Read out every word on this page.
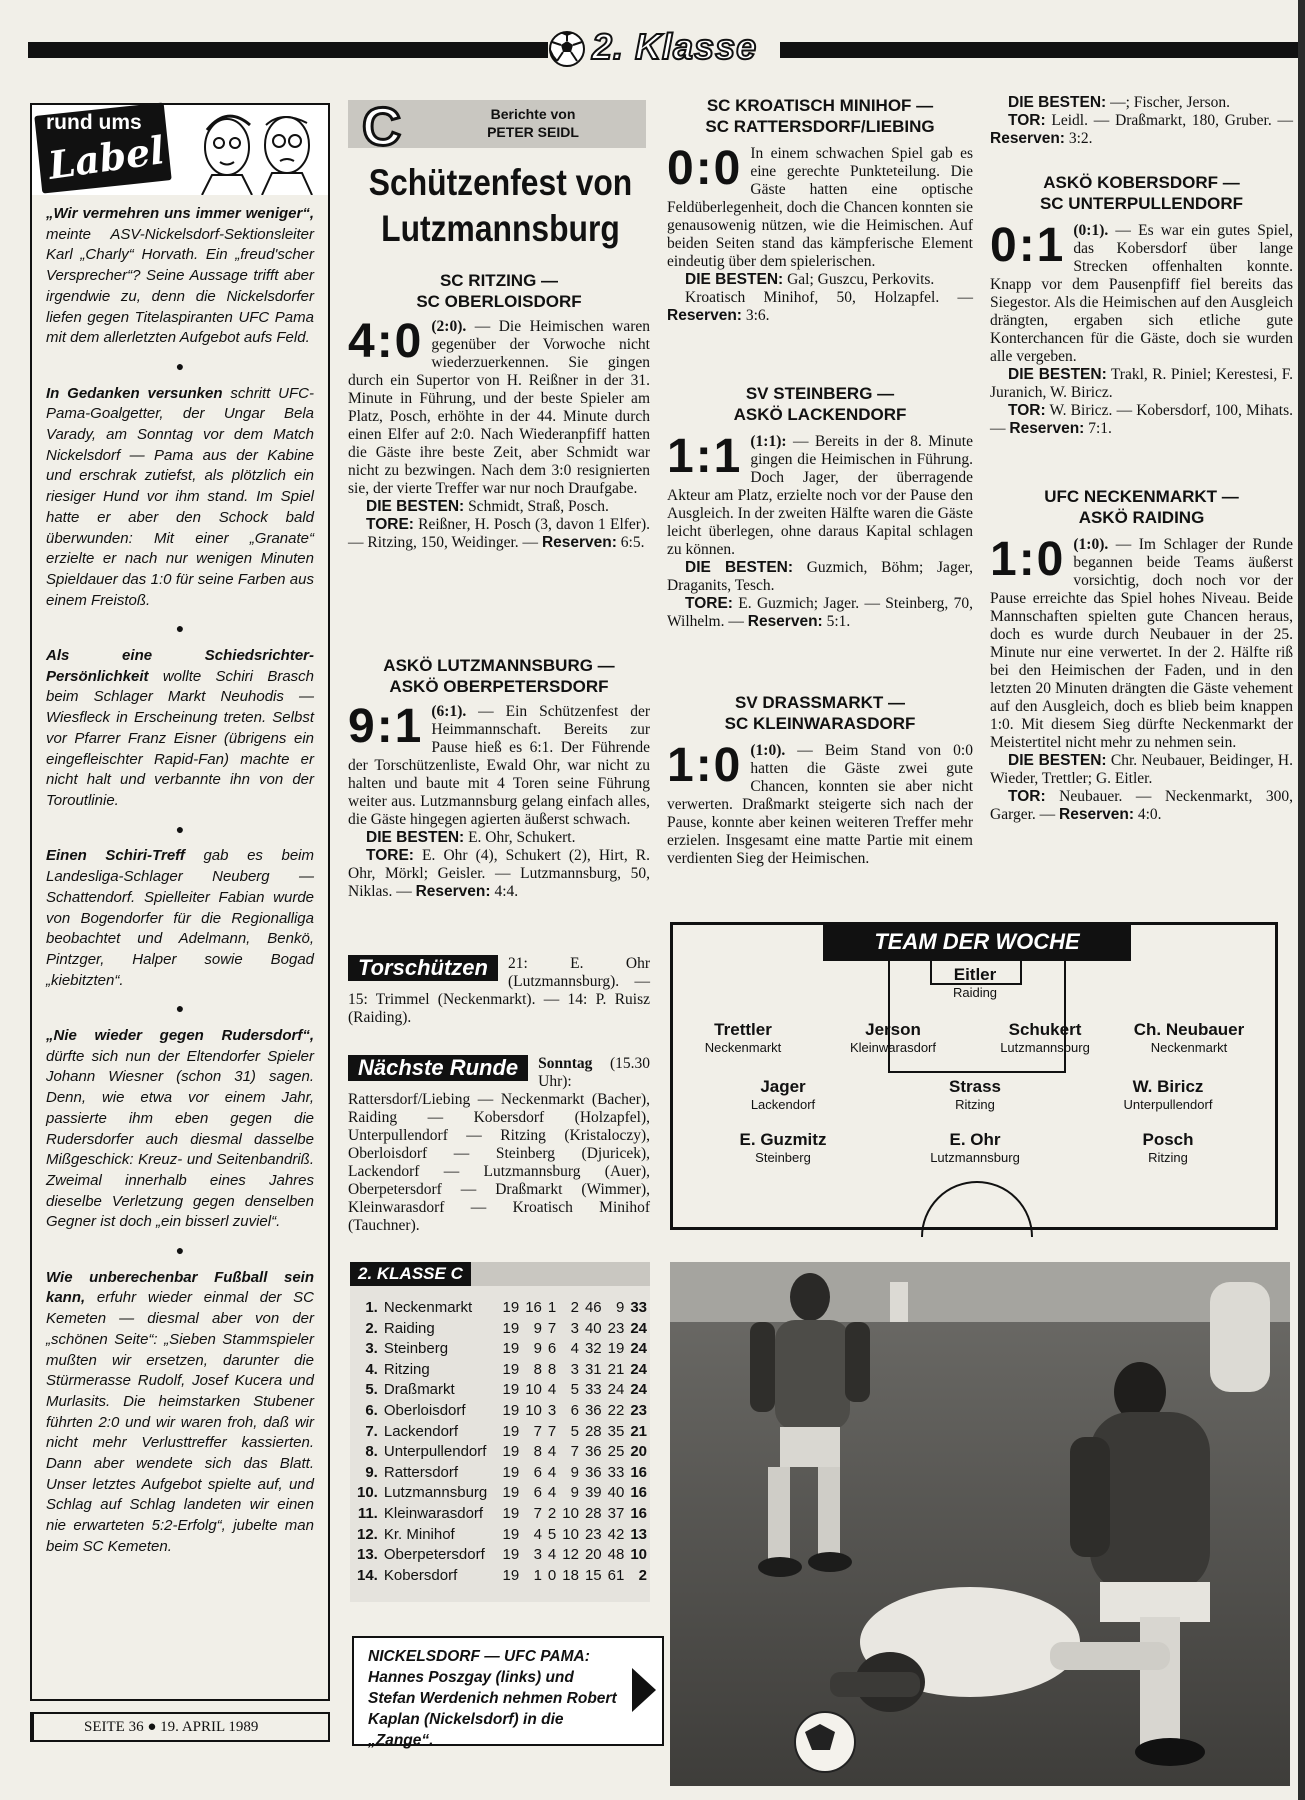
2. Klasse
rund ums
Label

„Wir vermehren uns immer weniger“, meinte ASV-Nickelsdorf-Sektionsleiter Karl „Charly“ Horvath. Ein „freud'scher Versprecher“? Seine Aussage trifft aber irgendwie zu, denn die Nickelsdorfer liefen gegen Titelaspiranten UFC Pama mit dem allerletzten Aufgebot aufs Feld.

●

In Gedanken versunken schritt UFC-Pama-Goalgetter, der Ungar Bela Varady, am Sonntag vor dem Match Nickelsdorf — Pama aus der Kabine und erschrak zutiefst, als plötzlich ein riesiger Hund vor ihm stand. Im Spiel hatte er aber den Schock bald überwunden: Mit einer „Granate“ erzielte er nach nur wenigen Minuten Spieldauer das 1:0 für seine Farben aus einem Freistoß.

●

Als eine Schiedsrichter-Persönlichkeit wollte Schiri Brasch beim Schlager Markt Neuhodis — Wiesfleck in Erscheinung treten. Selbst vor Pfarrer Franz Eisner (übrigens ein eingefleischter Rapid-Fan) machte er nicht halt und verbannte ihn von der Toroutlinie.

●

Einen Schiri-Treff gab es beim Landesliga-Schlager Neuberg — Schattendorf. Spielleiter Fabian wurde von Bogendorfer für die Regionalliga beobachtet und Adelmann, Benkö, Pintzger, Halper sowie Bogad „kiebitzten“.

●

„Nie wieder gegen Rudersdorf“, dürfte sich nun der Eltendorfer Spieler Johann Wiesner (schon 31) sagen. Denn, wie etwa vor einem Jahr, passierte ihm eben gegen die Rudersdorfer auch diesmal dasselbe Mißgeschick: Kreuz- und Seitenbandriß. Zweimal innerhalb eines Jahres dieselbe Verletzung gegen denselben Gegner ist doch „ein bisserl zuviel“.

●

Wie unberechenbar Fußball sein kann, erfuhr wieder einmal der SC Kemeten — diesmal aber von der „schönen Seite“: „Sieben Stammspieler mußten wir ersetzen, darunter die Stürmerasse Rudolf, Josef Kucera und Murlasits. Die heimstarken Stubener führten 2:0 und wir waren froh, daß wir nicht mehr Verlusttreffer kassierten. Dann aber wendete sich das Blatt. Unser letztes Aufgebot spielte auf, und Schlag auf Schlag landeten wir einen nie erwarteten 5:2-Erfolg“, jubelte man beim SC Kemeten.

SEITE 36 ● 19. APRIL 1989
C	Berichte von
PETER SEIDL
Schützenfest von Lutzmannsburg
SC RITZING —
SC OBERLOISDORF
4:0 (2:0). — Die Heimischen waren gegenüber der Vorwoche nicht wiederzuerkennen. Sie gingen durch ein Supertor von H. Reißner in der 31. Minute in Führung, und der beste Spieler am Platz, Posch, erhöhte in der 44. Minute durch einen Elfer auf 2:0. Nach Wiederanpfiff hatten die Gäste ihre beste Zeit, aber Schmidt war nicht zu bezwingen. Nach dem 3:0 resignierten sie, der vierte Treffer war nur noch Draufgabe.

DIE BESTEN: Schmidt, Straß, Posch.

TORE: Reißner, H. Posch (3, davon 1 Elfer). — Ritzing, 150, Weidinger. — Reserven: 6:5.

ASKÖ LUTZMANNSBURG —
ASKÖ OBERPETERSDORF
9:1 (6:1). — Ein Schützenfest der Heimmannschaft. Bereits zur Pause hieß es 6:1. Der Führende der Torschützenliste, Ewald Ohr, war nicht zu halten und baute mit 4 Toren seine Führung weiter aus. Lutzmannsburg gelang einfach alles, die Gäste hingegen agierten äußerst schwach.

DIE BESTEN: E. Ohr, Schukert.

TORE: E. Ohr (4), Schukert (2), Hirt, R. Ohr, Mörkl; Geisler. — Lutzmannsburg, 50, Niklas. — Reserven: 4:4.

Torschützen	21: E. Ohr (Lutzmannsburg). — 15: Trimmel (Neckenmarkt). — 14: P. Ruisz (Raiding).
Nächste Runde	Sonntag (15.30 Uhr): Rattersdorf/Liebing — Neckenmarkt (Bacher), Raiding — Kobersdorf (Holzapfel), Unterpullendorf — Ritzing (Kristaloczy), Oberloisdorf — Steinberg (Djuricek), Lackendorf — Lutzmannsburg (Auer), Oberpetersdorf — Draßmarkt (Wimmer), Kleinwarasdorf — Kroatisch Minihof (Tauchner).
2. KLASSE C
1.	Neckenmarkt	19	16	1	2	46	9	33
2.	Raiding	19	9	7	3	40	23	24
3.	Steinberg	19	9	6	4	32	19	24
4.	Ritzing	19	8	8	3	31	21	24
5.	Draßmarkt	19	10	4	5	33	24	24
6.	Oberloisdorf	19	10	3	6	36	22	23
7.	Lackendorf	19	7	7	5	28	35	21
8.	Unterpullendorf	19	8	4	7	36	25	20
9.	Rattersdorf	19	6	4	9	36	33	16
10.	Lutzmannsburg	19	6	4	9	39	40	16
11.	Kleinwarasdorf	19	7	2	10	28	37	16
12.	Kr. Minihof	19	4	5	10	23	42	13
13.	Oberpetersdorf	19	3	4	12	20	48	10
14.	Kobersdorf	19	1	0	18	15	61	2
SC KROATISCH MINIHOF —
SC RATTERSDORF/LIEBING
0:0 In einem schwachen Spiel gab es eine gerechte Punkteteilung. Die Gäste hatten eine optische Feldüberlegenheit, doch die Chancen konnten sie genausowenig nützen, wie die Heimischen. Auf beiden Seiten stand das kämpferische Element eindeutig über dem spielerischen.

DIE BESTEN: Gal; Guszcu, Perkovits.

Kroatisch Minihof, 50, Holzapfel. — Reserven: 3:6.

SV STEINBERG —
ASKÖ LACKENDORF
1:1 (1:1): — Bereits in der 8. Minute gingen die Heimischen in Führung. Doch Jager, der überragende Akteur am Platz, erzielte noch vor der Pause den Ausgleich. In der zweiten Hälfte waren die Gäste leicht überlegen, ohne daraus Kapital schlagen zu können.

DIE BESTEN: Guzmich, Böhm; Jager, Draganits, Tesch.

TORE: E. Guzmich; Jager. — Steinberg, 70, Wilhelm. — Reserven: 5:1.

SV DRASSMARKT —
SC KLEINWARASDORF
1:0 (1:0). — Beim Stand von 0:0 hatten die Gäste zwei gute Chancen, konnten sie aber nicht verwerten. Draßmarkt steigerte sich nach der Pause, konnte aber keinen weiteren Treffer mehr erzielen. Insgesamt eine matte Partie mit einem verdienten Sieg der Heimischen.

DIE BESTEN: —; Fischer, Jerson.

TOR: Leidl. — Draßmarkt, 180, Gruber. — Reserven: 3:2.

ASKÖ KOBERSDORF —
SC UNTERPULLENDORF
0:1 (0:1). — Es war ein gutes Spiel, das Kobersdorf über lange Strecken offenhalten konnte. Knapp vor dem Pausenpfiff fiel bereits das Siegestor. Als die Heimischen auf den Ausgleich drängten, ergaben sich etliche gute Konterchancen für die Gäste, doch sie wurden alle vergeben.

DIE BESTEN: Trakl, R. Piniel; Kerestesi, F. Juranich, W. Biricz.

TOR: W. Biricz. — Kobersdorf, 100, Mihats. — Reserven: 7:1.

UFC NECKENMARKT —
ASKÖ RAIDING
1:0 (1:0). — Im Schlager der Runde begannen beide Teams äußerst vorsichtig, doch noch vor der Pause erreichte das Spiel hohes Niveau. Beide Mannschaften spielten gute Chancen heraus, doch es wurde durch Neubauer in der 25. Minute nur eine verwertet. In der 2. Hälfte riß bei den Heimischen der Faden, und in den letzten 20 Minuten drängten die Gäste vehement auf den Ausgleich, doch es blieb beim knappen 1:0. Mit diesem Sieg dürfte Neckenmarkt der Meistertitel nicht mehr zu nehmen sein.

DIE BESTEN: Chr. Neubauer, Beidinger, H. Wieder, Trettler; G. Eitler.

TOR: Neubauer. — Neckenmarkt, 300, Garger. — Reserven: 4:0.

TEAM DER WOCHE
Eitler
Raiding
Trettler
Neckenmarkt
Jerson
Kleinwarasdorf
Schukert
Lutzmannsburg
Ch. Neubauer
Neckenmarkt
Jager
Lackendorf
Strass
Ritzing
W. Biricz
Unterpullendorf
E. Guzmitz
Steinberg
E. Ohr
Lutzmannsburg
Posch
Ritzing
NICKELSDORF — UFC PAMA: Hannes Poszgay (links) und Stefan Werdenich nehmen Robert Kaplan (Nickelsdorf) in die „Zange“.
